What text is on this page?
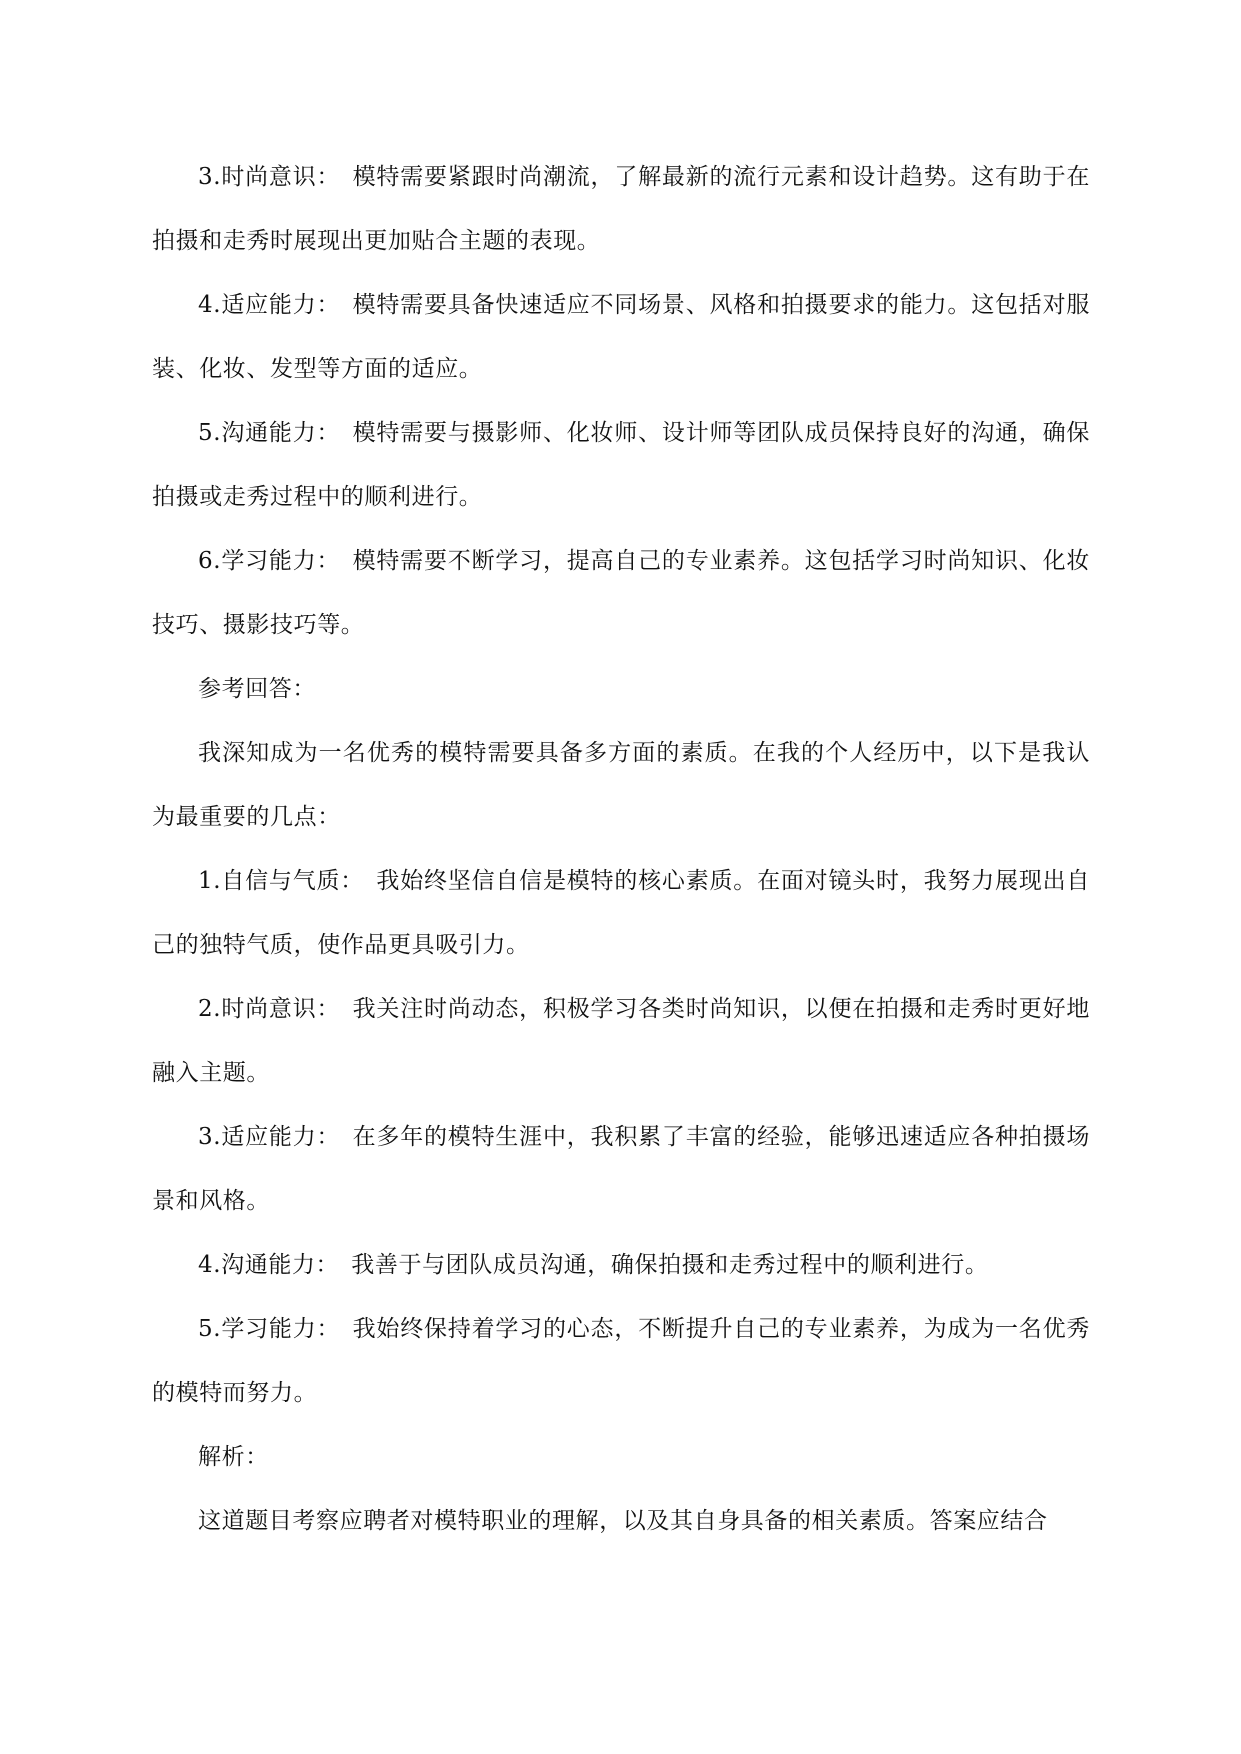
3.时尚意识：　 模特需要紧跟时尚潮流，了解最新的流行元素和设计趋势。这有助于在拍摄和走秀时展现出更加贴合主题的表现。

4.适应能力：　 模特需要具备快速适应不同场景、风格和拍摄要求的能力。这包括对服装、化妆、发型等方面的适应。

5.沟通能力：　 模特需要与摄影师、化妆师、设计师等团队成员保持良好的沟通，确保拍摄或走秀过程中的顺利进行。

6.学习能力：　 模特需要不断学习，提高自己的专业素养。这包括学习时尚知识、化妆技巧、摄影技巧等。

参考回答：

我深知成为一名优秀的模特需要具备多方面的素质。在我的个人经历中，以下是我认为最重要的几点：

1.自信与气质：　 我始终坚信自信是模特的核心素质。在面对镜头时，我努力展现出自己的独特气质，使作品更具吸引力。

2.时尚意识：　 我关注时尚动态，积极学习各类时尚知识，以便在拍摄和走秀时更好地融入主题。

3.适应能力：　 在多年的模特生涯中，我积累了丰富的经验，能够迅速适应各种拍摄场景和风格。

4.沟通能力：　 我善于与团队成员沟通，确保拍摄和走秀过程中的顺利进行。

5.学习能力：　 我始终保持着学习的心态，不断提升自己的专业素养，为成为一名优秀的模特而努力。

解析：

这道题目考察应聘者对模特职业的理解，以及其自身具备的相关素质。答案应结合
